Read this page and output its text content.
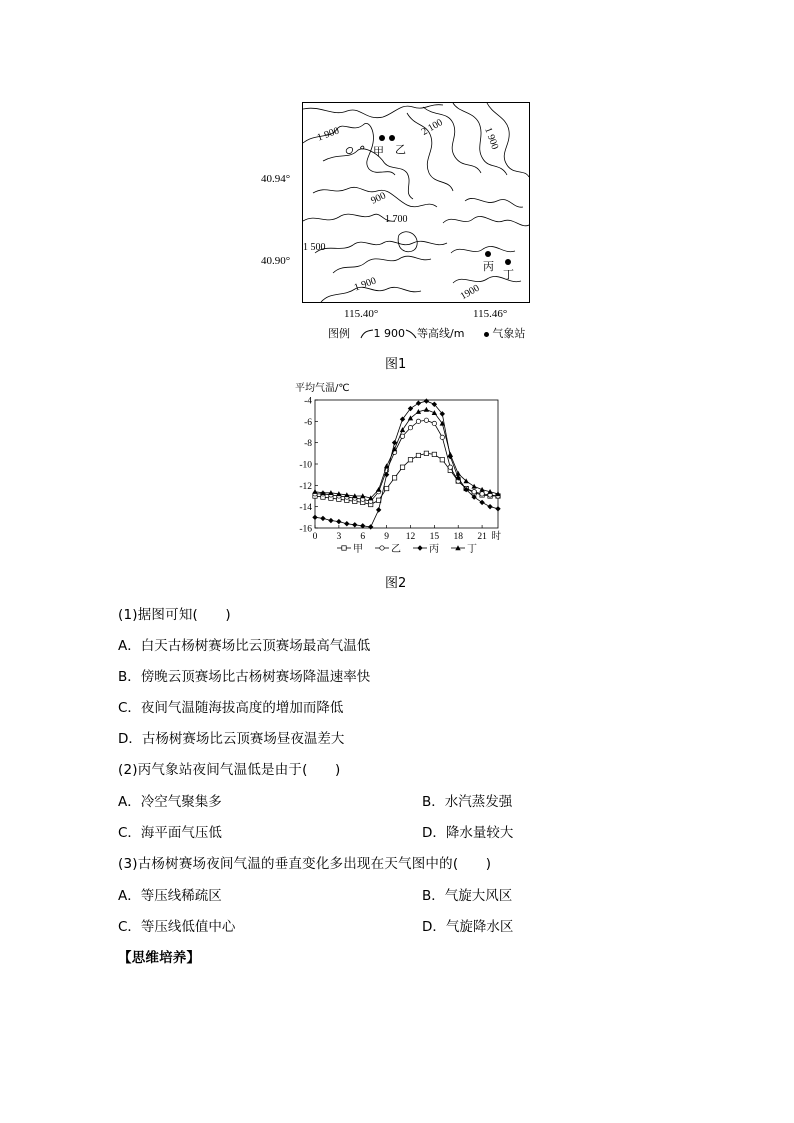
甲 乙
丙
丁
1 900	2 100	1 900
900
1 700
1 500
1 900	1900
40.94°
40.90°
115.40°	115.46°
图例 1 900 等高线/m	气象站
图1
平均气温/℃
-4
-6
-8
-10
-12
-14
-16
0 3 6 9 12 15 18 21 时
甲	乙	丙	丁
图2
(1)据图可知(　　)
A．白天古杨树赛场比云顶赛场最高气温低
B．傍晚云顶赛场比古杨树赛场降温速率快
C．夜间气温随海拔高度的增加而降低
D．古杨树赛场比云顶赛场昼夜温差大
(2)丙气象站夜间气温低是由于(　　)
A．冷空气聚集多	B．水汽蒸发强
C．海平面气压低	D．降水量较大
(3)古杨树赛场夜间气温的垂直变化多出现在天气图中的(　　)
A．等压线稀疏区	B．气旋大风区
C．等压线低值中心	D．气旋降水区
【思维培养】
